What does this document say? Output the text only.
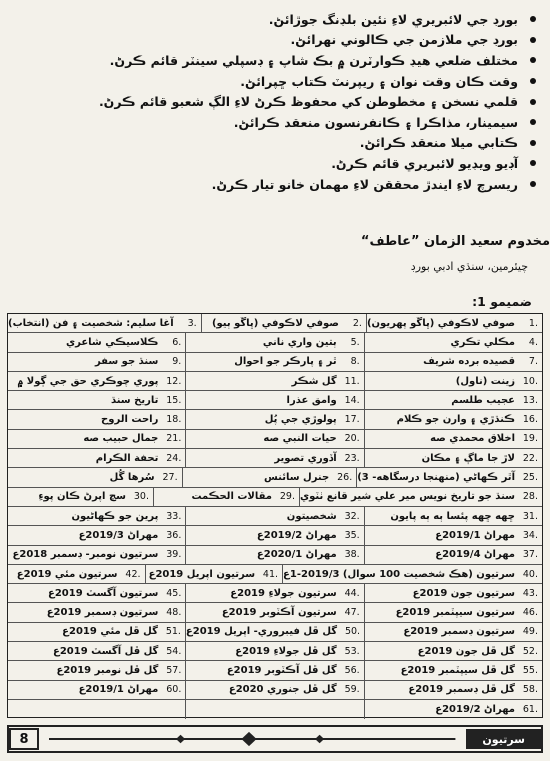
بورڊ جي لائبريري لاءِ نئين بلڊنگ جوڙائڻ.
بورڊ جي ملازمن جي ڪالوني نهرائڻ.
مختلف ضلعي هيڊ ڪوارٽرن ۾ بڪ شاپ ۽ ڊسپلي سينٽر قائم ڪرڻ.
وقت ڪان وقت نوان ۽ ريپرنٽ ڪتاب ڇپرائڻ.
قلمي نسخن ۽ مخطوطن کي محفوظ ڪرڻ لاءِ الڳ شعبو قائم ڪرڻ.
سيمينار، مذاڪرا ۽ ڪانفرنسون منعقد ڪرائڻ.
ڪتابي ميلا منعقد ڪرائڻ.
آڊيو ويڊيو لائبريري قائم ڪرڻ.
ريسرچ لاءِ ايندڙ محققن لاءِ مهمان خانو تيار ڪرڻ.
مخدوم سعيد الزمان ”عاطف“
چيئرمين، سنڌي ادبي بورڊ
ضميمو 1:
1.
صوفي لاڪوفي (ڀاڱو پهريون)
2.
صوفي لاڪوفي (ڀاڱو ٻيو)
3.
آغا سليم: شخصيت ۽ فن (انتخاب)
4.
مڪلي تڪري
5.
ٻتين واري ناني
6.
ڪلاسيڪي شاعري
7.
قصيده برده شريف
8.
ٿر ۽ پارڪر جو احوال
9.
سنڌ جو سفر
10.
زينت (ناول)
11.
گل شڪر
12.
پوري چوڪري حق جي ڳولا ۾
13.
عجيب طلسم
14.
وامق عذرا
15.
تاريخ سنڌ
16.
ڪنڌڙي ۽ وارن جو ڪلام
17.
پولوڙي جي پُل
18.
راحت الروح
19.
اخلاق محمدي صه
20.
حيات النبي صه
21.
جمال حبيب صه
22.
لاڙ جا ماڳ ۽ مڪان
23.
آڏوري تصوير
24.
تحفة الڪرام
25.
آٿر ڪهاڻي (منهنجا درسگاهه- 3)
26.
جنرل سائنس
27.
سُرها گُل
28.
سنڌ جو تاريخ نويس مير علي شير قانع ٺٽوي
29.
مقالات الحڪمت
30.
سچ اپرڻ ڪان پوءِ
31.
ڇهه ڇهه پئسا ٻه ٻه پايون
32.
شخصيتون
33.
پرين جو ڪهاڻيون
34.
مهراڻ 2019/1ع
35.
مهراڻ 2019/2ع
36.
مهراڻ 2019/3ع
37.
مهراڻ 2019/4ع
38.
مهراڻ 2020/1ع
39.
سرتيون نومبر- ڊسمبر 2018ع
40.
سرتيون (هڪ شخصيت 100 سوال) 2019/3-1ع
41.
سرتيون اپريل 2019ع
42.
سرتيون مئي 2019ع
43.
سرتيون جون 2019ع
44.
سرتيون جولاءِ 2019ع
45.
سرتيون آگسٽ 2019ع
46.
سرتيون سيپٽمبر 2019ع
47.
سرتيون آڪٽوبر 2019ع
48.
سرتيون ڊسمبر 2019ع
49.
سرتيون ڊسمبر 2019ع
50.
گل ڦل فيبروري- اپريل 2019ع
51.
گل ڦل مئي 2019ع
52.
گل ڦل جون 2019ع
53.
گل ڦل جولاءِ 2019ع
54.
گل ڦل آگسٽ 2019ع
55.
گل ڦل سيپٽمبر 2019ع
56.
گل ڦل آڪٽوبر 2019ع
57.
گل ڦل نومبر 2019ع
58.
گل ڦل ڊسمبر 2019ع
59.
گل ڦل جنوري 2020ع
60.
مهراڻ 2019/1ع
61.
مهراڻ 2019/2ع
8	سرتيون
